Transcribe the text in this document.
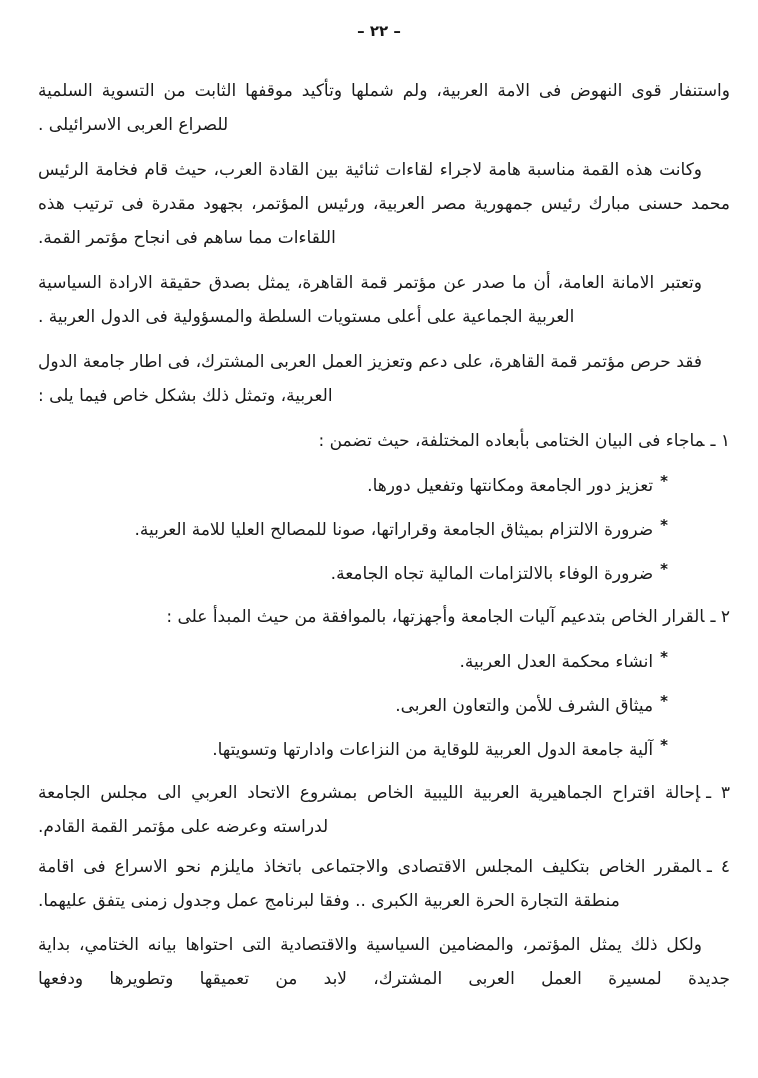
– ٢٢ –

واستنفار قوى النهوض فى الامة العربية، ولم شملها وتأكيد موقفها الثابت من التسوية السلمية للصراع العربى الاسرائيلى .

وكانت هذه القمة مناسبة هامة لاجراء لقاءات ثنائية بين القادة العرب، حيث قام فخامة الرئيس محمد حسنى مبارك رئيس جمهورية مصر العربية، ورئيس المؤتمر، بجهود مقدرة فى ترتيب هذه اللقاءات مما ساهم فى انجاح مؤتمر القمة.

وتعتبر الامانة العامة، أن ما صدر عن مؤتمر قمة القاهرة، يمثل بصدق حقيقة الارادة السياسية العربية الجماعية على أعلى مستويات السلطة والمسؤولية فى الدول العربية .

فقد حرص مؤتمر قمة القاهرة، على دعم وتعزيز العمل العربى المشترك، فى اطار جامعة الدول العربية، وتمثل ذلك بشكل خاص فيما يلى :

١ ـماجاء فى البيان الختامى بأبعاده المختلفة، حيث تضمن :
*تعزيز دور الجامعة ومكانتها وتفعيل دورها.
*ضرورة الالتزام بميثاق الجامعة وقراراتها، صونا للمصالح العليا للامة العربية.
*ضرورة الوفاء بالالتزامات المالية تجاه الجامعة.
٢ ـالقرار الخاص بتدعيم آليات الجامعة وأجهزتها، بالموافقة من حيث المبدأ على :
*انشاء محكمة العدل العربية.
*ميثاق الشرف للأمن والتعاون العربى.
*آلية جامعة الدول العربية للوقاية من النزاعات وادارتها وتسويتها.
٣ ـإحالة اقتراح الجماهيرية العربية الليبية الخاص بمشروع الاتحاد العربي الى مجلس الجامعة لدراسته وعرضه على مؤتمر القمة القادم.
٤ ـالمقرر الخاص بتكليف المجلس الاقتصادى والاجتماعى باتخاذ مايلزم نحو الاسراع فى اقامة منطقة التجارة الحرة العربية الكبرى .. وفقا لبرنامج عمل وجدول زمنى يتفق عليهما.

ولكل ذلك يمثل المؤتمر، والمضامين السياسية والاقتصادية التى احتواها بيانه الختامي، بداية جديدة لمسيرة العمل العربى المشترك، لابد من تعميقها وتطويرها ودفعها
